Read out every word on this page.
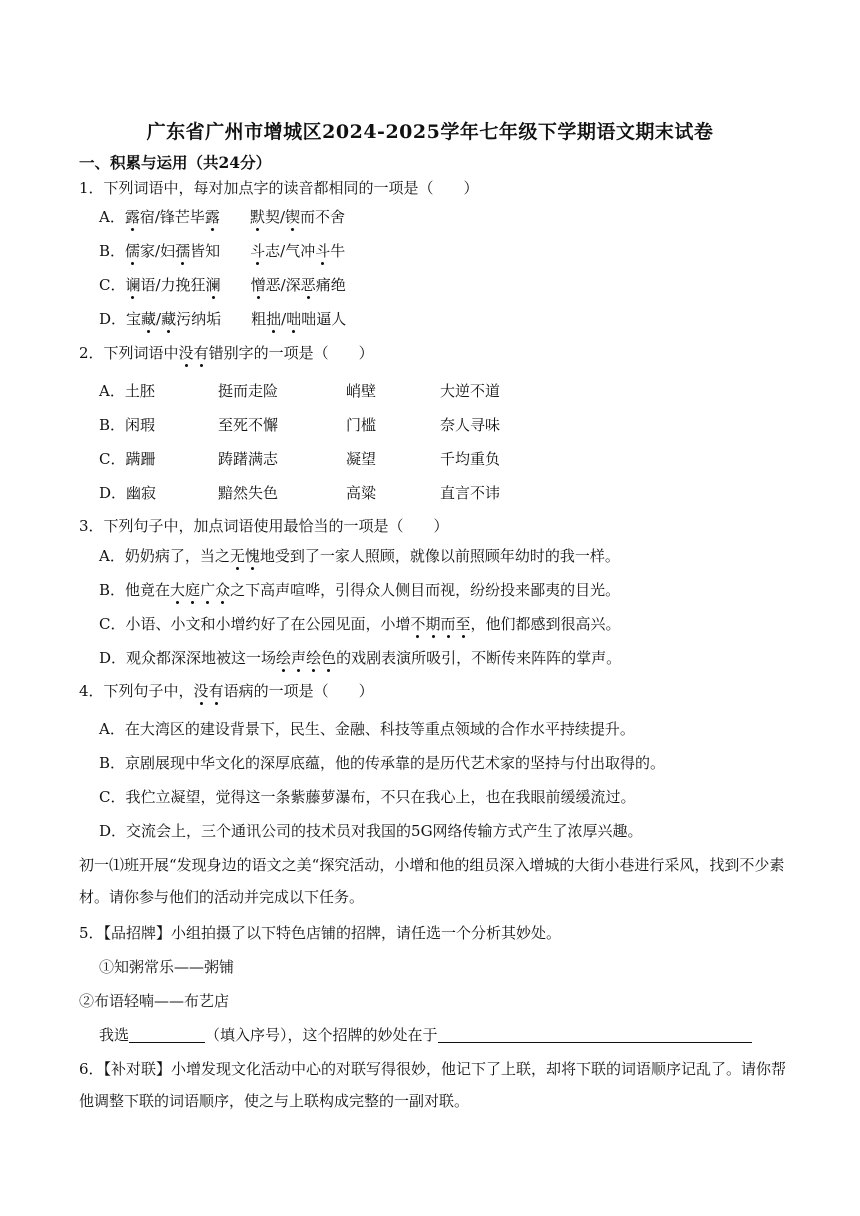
广东省广州市增城区2024-2025学年七年级下学期语文期末试卷
一、积累与运用（共24分）
1．下列词语中，每对加点字的读音都相同的一项是（　　）
A．露宿/锋芒毕露　　 默契/锲而不舍
B．儒家/妇孺皆知　　斗志/气冲斗牛
C．谰语/力挽狂澜　　 憎恶/深恶痛绝
D．宝藏/藏污纳垢　　粗拙/咄咄逼人
2．下列词语中没有错别字的一项是（　　）
A．土胚	挺而走险	峭壁	大逆不道
B．闲瑕	至死不懈	门槛	奈人寻味
C．蹒跚	踌躇满志	凝望	千均重负
D．幽寂	黯然失色	高粱	直言不讳
3．下列句子中，加点词语使用最恰当的一项是（　　）
A．奶奶病了，当之无愧地受到了一家人照顾，就像以前照顾年幼时的我一样。
B．他竟在大庭广众之下高声喧哗，引得众人侧目而视，纷纷投来鄙夷的目光。
C．小语、小文和小增约好了在公园见面，小增不期而至，他们都感到很高兴。
D．观众都深深地被这一场绘声绘色的戏剧表演所吸引，不断传来阵阵的掌声。
4．下列句子中，没有语病的一项是（　　）
A．在大湾区的建设背景下，民生、金融、科技等重点领域的合作水平持续提升。
B．京剧展现中华文化的深厚底蕴，他的传承靠的是历代艺术家的坚持与付出取得的。
C．我伫立凝望，觉得这一条紫藤萝瀑布，不只在我心上，也在我眼前缓缓流过。
D．交流会上，三个通讯公司的技术员对我国的5G网络传输方式产生了浓厚兴趣。
初一⑴班开展“发现身边的语文之美“探究活动，小增和他的组员深入增城的大街小巷进行采风，找到不少素材。请你参与他们的活动并完成以下任务。
5．【品招牌】小组拍摄了以下特色店铺的招牌，请任选一个分析其妙处。
①知粥常乐——粥铺
②布语轻喃——布艺店
我选	（填入序号），这个招牌的妙处在于
6．【补对联】小增发现文化活动中心的对联写得很妙，他记下了上联，却将下联的词语顺序记乱了。请你帮他调整下联的词语顺序，使之与上联构成完整的一副对联。
